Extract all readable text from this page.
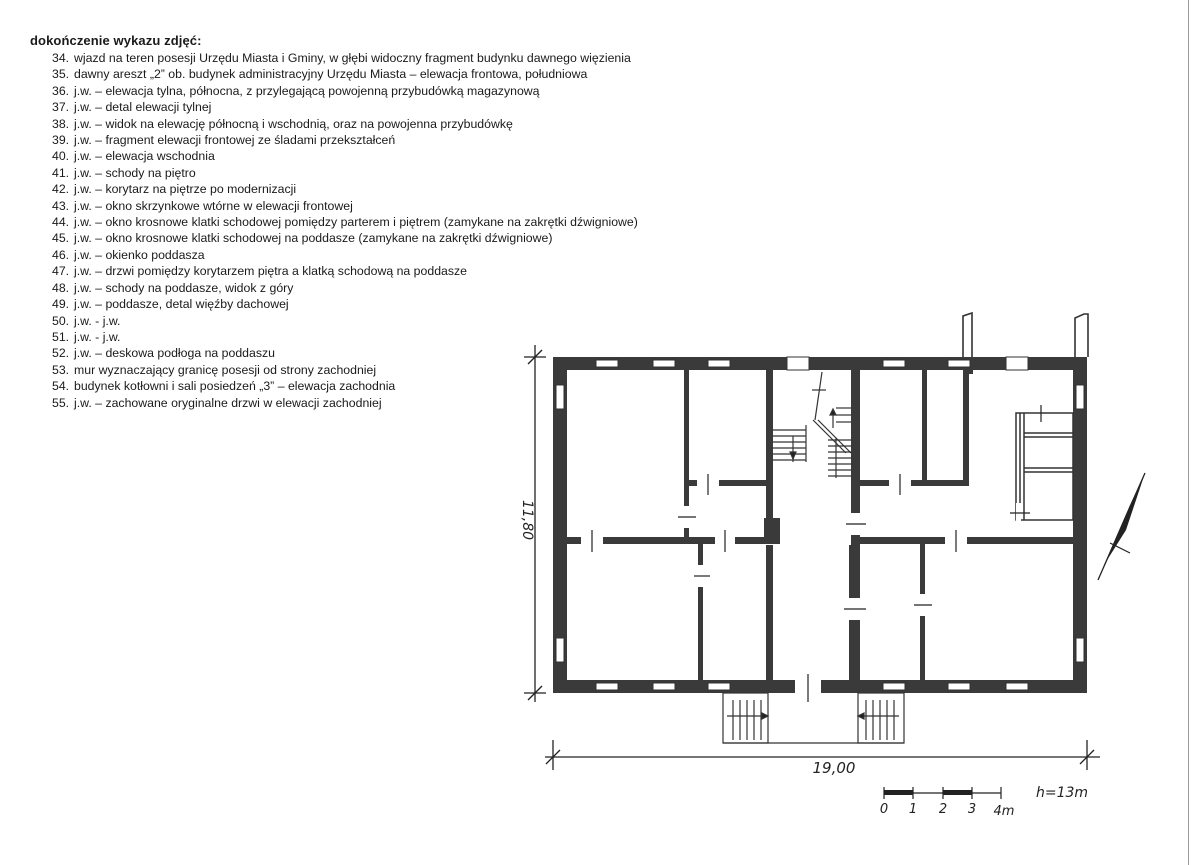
dokończenie wykazu zdjęć:
34. wjazd na teren posesji Urzędu Miasta i Gminy, w głębi widoczny fragment budynku dawnego więzienia
35. dawny areszt „2” ob. budynek administracyjny Urzędu Miasta – elewacja frontowa, południowa
36. j.w. – elewacja tylna, północna, z przylegającą powojenną przybudówką magazynową
37. j.w. – detal elewacji tylnej
38. j.w. – widok na elewację północną i wschodnią, oraz na powojenna przybudówkę
39. j.w. – fragment elewacji frontowej ze śladami przekształceń
40. j.w. – elewacja wschodnia
41. j.w. – schody na piętro
42. j.w. – korytarz na piętrze po modernizacji
43. j.w. – okno skrzynkowe wtórne w elewacji frontowej
44. j.w. – okno krosnowe klatki schodowej pomiędzy parterem i piętrem (zamykane na zakrętki dźwigniowe)
45. j.w. – okno krosnowe klatki schodowej na poddasze (zamykane na zakrętki dźwigniowe)
46. j.w. – okienko poddasza
47. j.w. – drzwi pomiędzy korytarzem piętra a klatką schodową na poddasze
48. j.w. – schody na poddasze, widok z góry
49. j.w. – poddasze, detal więźby dachowej
50. j.w. - j.w.
51. j.w. - j.w.
52. j.w. – deskowa podłoga na poddaszu
53. mur wyznaczający granicę posesji od strony zachodniej
54. budynek kotłowni i sali posiedzeń „3” – elewacja zachodnia
55. j.w. – zachowane oryginalne drzwi w elewacji zachodniej
11,80
19,00
0 1 2 3 4m
h=13m
